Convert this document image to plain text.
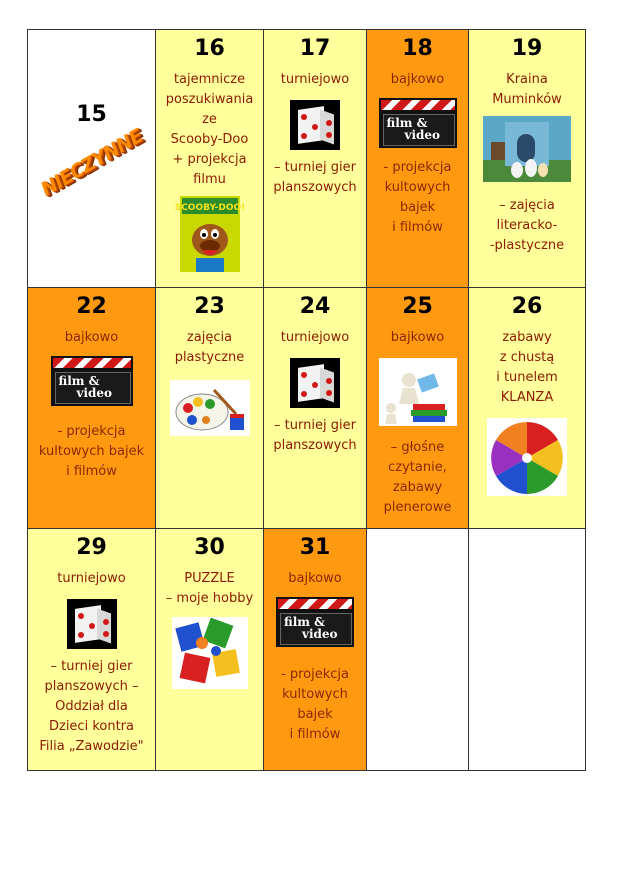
15
NIECZYNNE
16
tajemnicze
poszukiwania
ze
Scooby-Doo
+ projekcja
filmu
SCOOBY-DOO!
17
turniejowo
– turniej gier
planszowych
18
bajkowo
film &
video
- projekcja
kultowych
bajek
i filmów
19
Kraina
Muminków
– zajęcia
literacko-
-plastyczne
22
bajkowo
film &
video
- projekcja
kultowych bajek
i filmów
23
zajęcia
plastyczne
24
turniejowo
– turniej gier
planszowych
25
bajkowo
– głośne
czytanie,
zabawy
plenerowe
26
zabawy
z chustą
i tunelem
KLANZA
29
turniejowo
– turniej gier
planszowych –
Oddział dla
Dzieci kontra
Filia „Zawodzie"
30
PUZZLE
– moje hobby
31
bajkowo
film &
video
- projekcja
kultowych
bajek
i filmów
